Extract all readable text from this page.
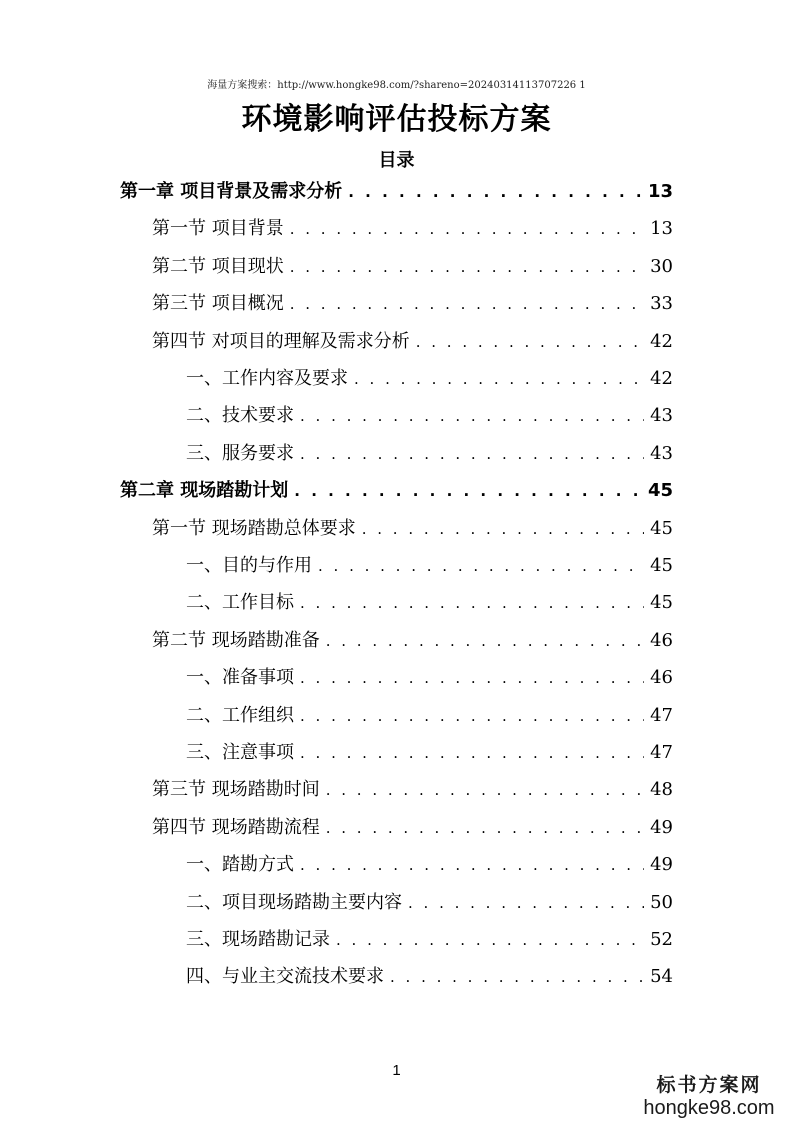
海量方案搜索：http://www.hongke98.com/?shareno=20240314113707226 1
环境影响评估投标方案
目录
第一章 项目背景及需求分析 . . .	13
第一节 项目背景 . . .	13
第二节 项目现状 . . .	30
第三节 项目概况 . . .	33
第四节 对项目的理解及需求分析 . . .	42
一、工作内容及要求 . . .	42
二、技术要求 . . .	43
三、服务要求 . . .	43
第二章 现场踏勘计划 . . .	45
第一节 现场踏勘总体要求 . . .	45
一、目的与作用 . . .	45
二、工作目标 . . .	45
第二节 现场踏勘准备 . . .	46
一、准备事项 . . .	46
二、工作组织 . . .	47
三、注意事项 . . .	47
第三节 现场踏勘时间 . . .	48
第四节 现场踏勘流程 . . .	49
一、踏勘方式 . . .	49
二、项目现场踏勘主要内容 . . .	50
三、现场踏勘记录 . . .	52
四、与业主交流技术要求 . . .	54
1
标书方案网
hongke98.com
